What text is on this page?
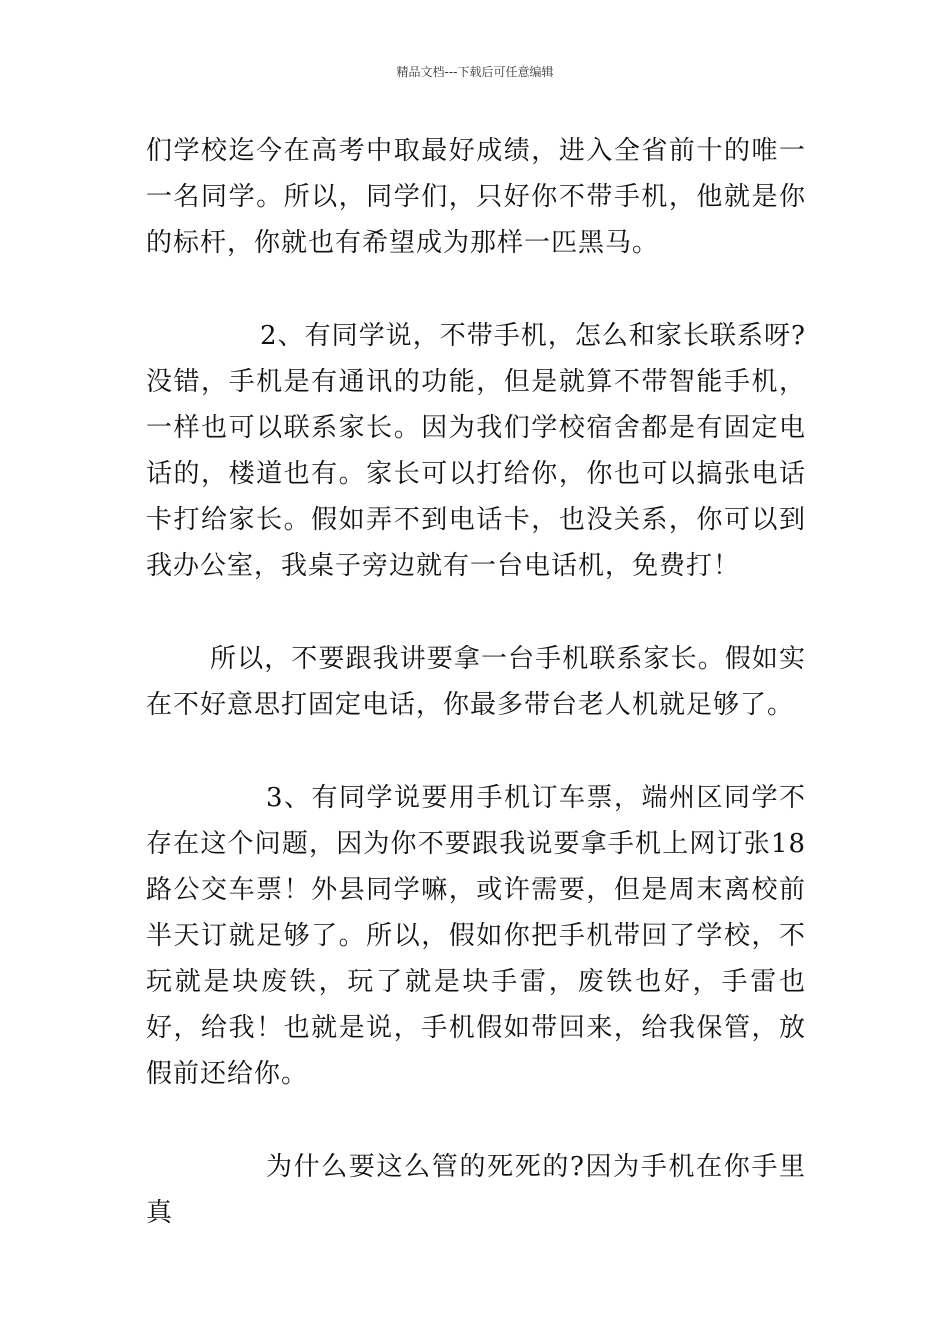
精品文档---下载后可任意编辑

们学校迄今在高考中取最好成绩，进入全省前十的唯一一名同学。所以，同学们，只好你不带手机，他就是你的标杆，你就也有希望成为那样一匹黑马。

2、有同学说，不带手机，怎么和家长联系呀?没错，手机是有通讯的功能，但是就算不带智能手机，一样也可以联系家长。因为我们学校宿舍都是有固定电话的，楼道也有。家长可以打给你，你也可以搞张电话卡打给家长。假如弄不到电话卡，也没关系，你可以到我办公室，我桌子旁边就有一台电话机，免费打！

所以，不要跟我讲要拿一台手机联系家长。假如实在不好意思打固定电话，你最多带台老人机就足够了。

3、有同学说要用手机订车票，端州区同学不存在这个问题，因为你不要跟我说要拿手机上网订张18路公交车票！外县同学嘛，或许需要，但是周末离校前半天订就足够了。所以，假如你把手机带回了学校，不玩就是块废铁，玩了就是块手雷，废铁也好，手雷也好，给我！也就是说，手机假如带回来，给我保管，放假前还给你。

为什么要这么管的死死的?因为手机在你手里真
